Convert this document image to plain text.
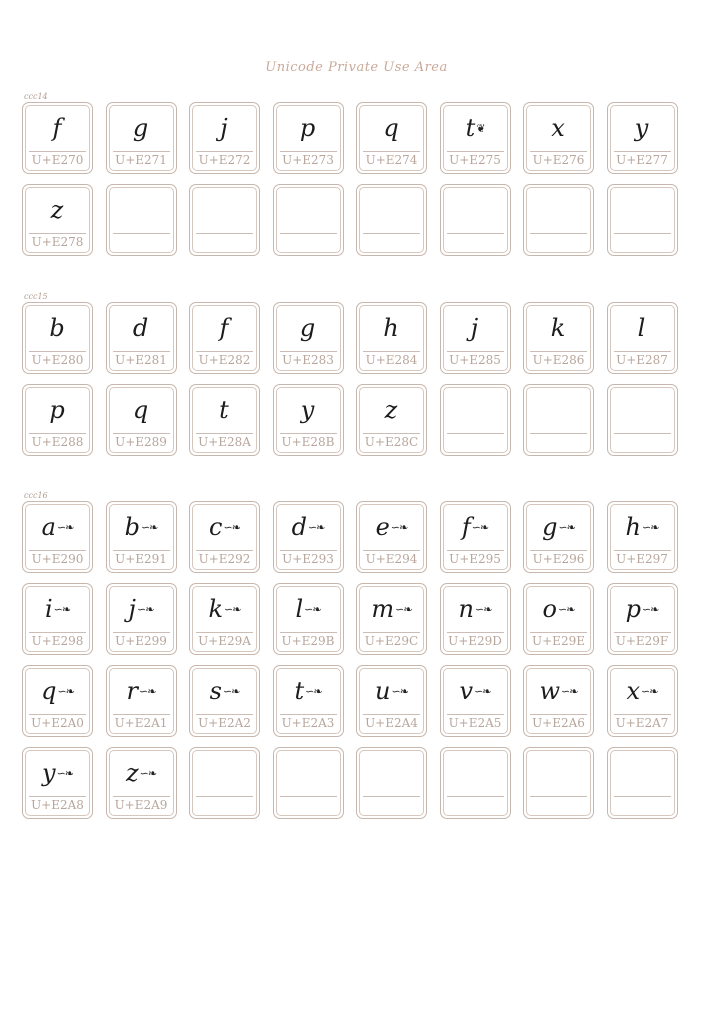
Unicode Private Use Area
ccc14
f
U+E270
g
U+E271
j
U+E272
p
U+E273
q
U+E274
t ❦
U+E275
x
U+E276
y
U+E277
z
U+E278
ccc15
b
U+E280
d
U+E281
f
U+E282
g
U+E283
h
U+E284
j
U+E285
k
U+E286
l
U+E287
p
U+E288
q
U+E289
t
U+E28A
y
U+E28B
z
U+E28C
ccc16
a ∽❧
U+E290
b ∽❧
U+E291
c ∽❧
U+E292
d ∽❧
U+E293
e ∽❧
U+E294
f ∽❧
U+E295
g ∽❧
U+E296
h ∽❧
U+E297
i ∽❧
U+E298
j ∽❧
U+E299
k ∽❧
U+E29A
l ∽❧
U+E29B
m ∽❧
U+E29C
n ∽❧
U+E29D
o ∽❧
U+E29E
p ∽❧
U+E29F
q ∽❧
U+E2A0
r ∽❧
U+E2A1
s ∽❧
U+E2A2
t ∽❧
U+E2A3
u ∽❧
U+E2A4
v ∽❧
U+E2A5
w ∽❧
U+E2A6
x ∽❧
U+E2A7
y ∽❧
U+E2A8
z ∽❧
U+E2A9
